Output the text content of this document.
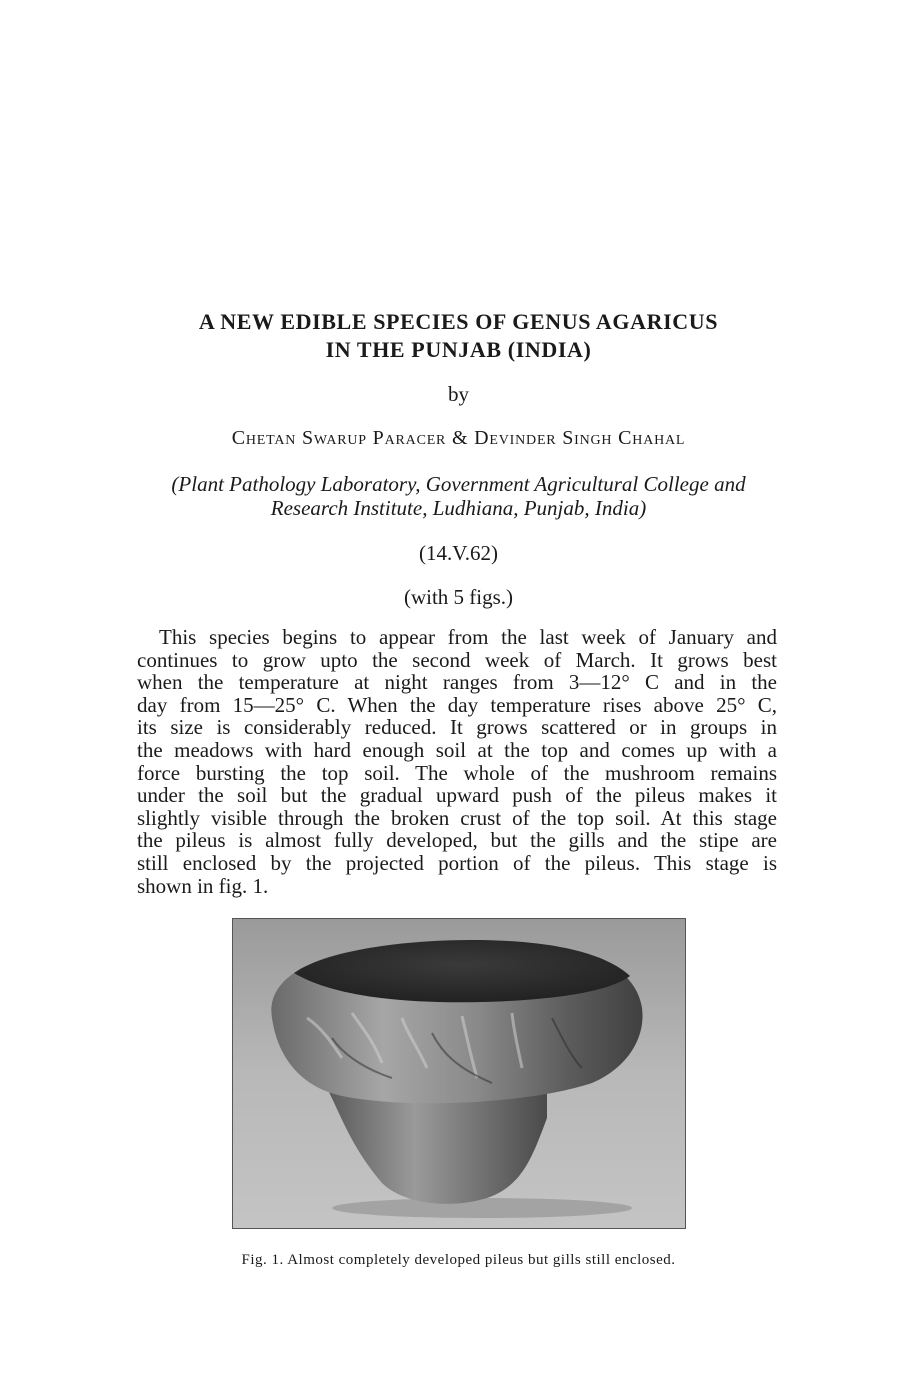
A NEW EDIBLE SPECIES OF GENUS AGARICUS
IN THE PUNJAB (INDIA)
by
Chetan Swarup Paracer & Devinder Singh Chahal
(Plant Pathology Laboratory, Government Agricultural College and
Research Institute, Ludhiana, Punjab, India)
(14.V.62)
(with 5 figs.)
This species begins to appear from the last week of January and
continues to grow upto the second week of March. It grows best
when the temperature at night ranges from 3—12° C and in the
day from 15—25° C. When the day temperature rises above 25° C,
its size is considerably reduced. It grows scattered or in groups in
the meadows with hard enough soil at the top and comes up with a
force bursting the top soil. The whole of the mushroom remains
under the soil but the gradual upward push of the pileus makes it
slightly visible through the broken crust of the top soil. At this stage
the pileus is almost fully developed, but the gills and the stipe are
still enclosed by the projected portion of the pileus. This stage is
shown in fig. 1.
Fig. 1. Almost completely developed pileus but gills still enclosed.
